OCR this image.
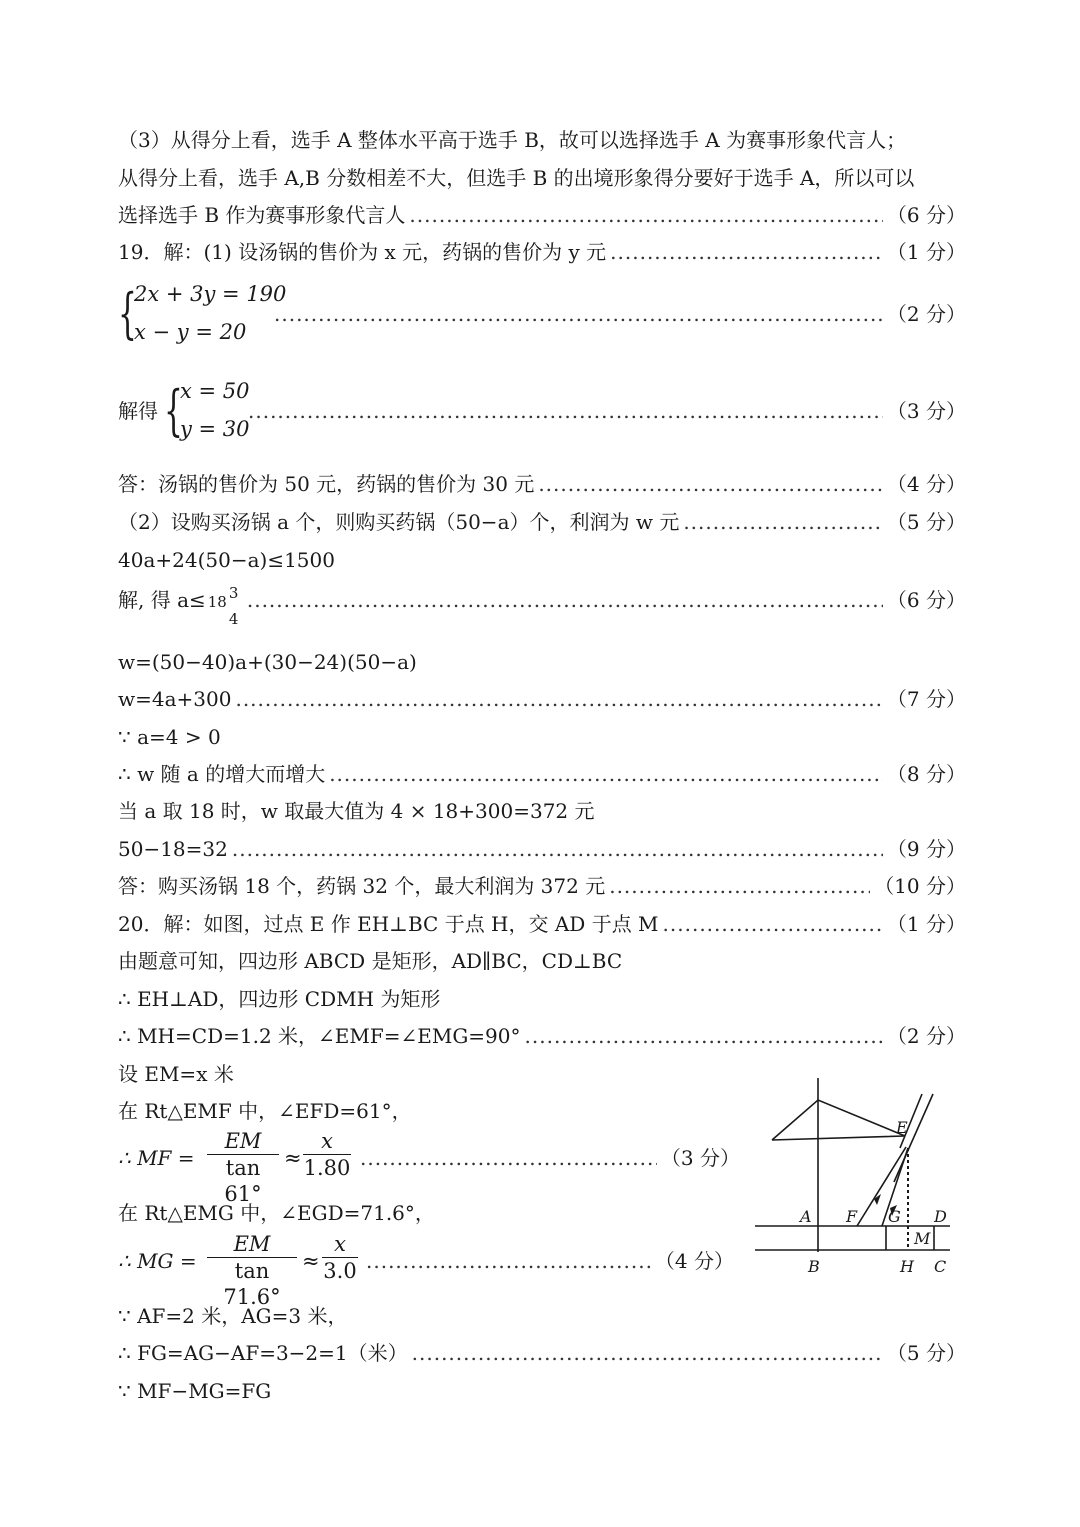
（3）从得分上看，选手 A 整体水平高于选手 B，故可以选择选手 A 为赛事形象代言人；
从得分上看，选手 A,B 分数相差不大，但选手 B 的出境形象得分要好于选手 A，所以可以
选择选手 B 作为赛事形象代言人 .....	（6 分）
19．解：(1) 设汤锅的售价为 x 元，药锅的售价为 y 元 .....	（1 分）
{
2x + 3y = 190
x − y = 20
.....
（2 分）
解得 {
x = 50
y = 30
.....
（3 分）
答：汤锅的售价为 50 元，药锅的售价为 30 元 .....	（4 分）
（2）设购买汤锅 a 个，则购买药锅（50−a）个，利润为 w 元 .....	（5 分）
40a+24(50−a)≤1500
解, 得 a≤ 18 3
4
.....
（6 分）
w=(50−40)a+(30−24)(50−a)
w=4a+300 .....	（7 分）
∵ a=4 > 0
∴ w 随 a 的增大而增大 .....	（8 分）
当 a 取 18 时，w 取最大值为 4 × 18+300=372 元
50−18=32 .....	（9 分）
答：购买汤锅 18 个，药锅 32 个，最大利润为 372 元 .....	（10 分）
20．解：如图，过点 E 作 EH⊥BC 于点 H，交 AD 于点 M .....	（1 分）
由题意可知，四边形 ABCD 是矩形，AD∥BC，CD⊥BC
∴ EH⊥AD，四边形 CDMH 为矩形
∴ MH=CD=1.2 米，∠EMF=∠EMG=90° .....	（2 分）
设 EM=x 米
在 Rt△EMF 中，∠EFD=61°，
∴ MF =
EM
tan 61°
≈
x
1.80 .....	（3 分）
在 Rt△EMG 中，∠EGD=71.6°，
∴ MG =
EM
tan 71.6°
≈
x
3.0 .....	（4 分）
∵ AF=2 米，AG=3 米，
∴ FG=AG−AF=3−2=1（米） .....	（5 分）
∵ MF−MG=FG
E
A F G D
M
B	H C
